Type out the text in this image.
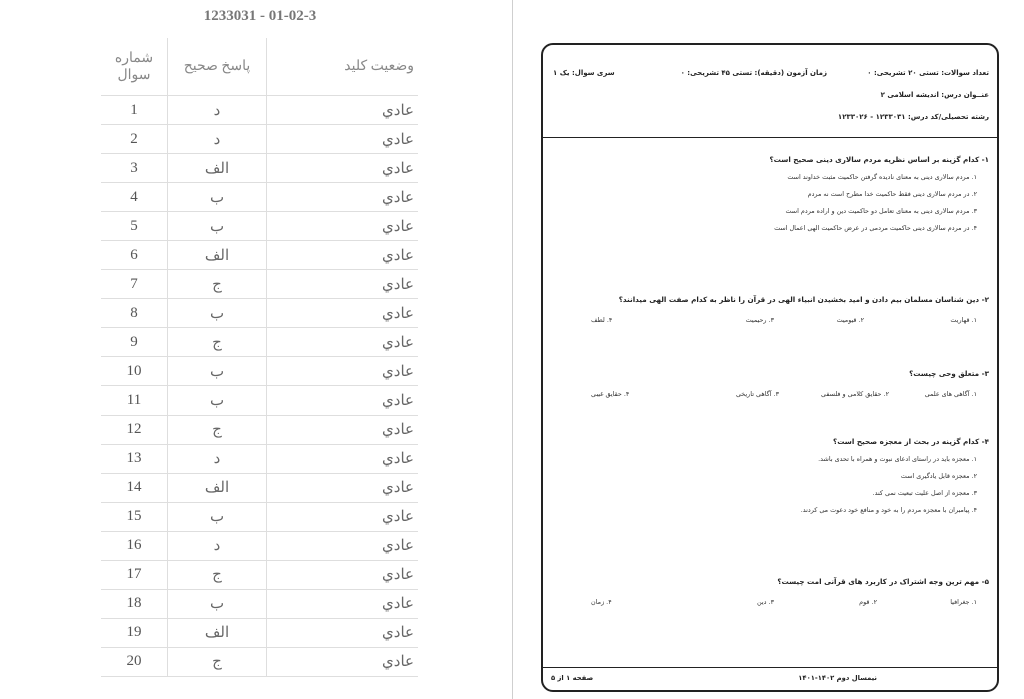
1233031 - 01-02-3
شماره سوال	پاسخ صحیح	وضعیت کلید
1	د	عادي
2	د	عادي
3	الف	عادي
4	ب	عادي
5	ب	عادي
6	الف	عادي
7	ج	عادي
8	ب	عادي
9	ج	عادي
10	ب	عادي
11	ب	عادي
12	ج	عادي
13	د	عادي
14	الف	عادي
15	ب	عادي
16	د	عادي
17	ج	عادي
18	ب	عادي
19	الف	عادي
20	ج	عادي
تعداد سوالات: تستی ۲۰ تشریحی: ۰
زمان آزمون (دقیقه): تستی ۴۵ تشریحی: ۰
سری سوال: یک ۱
عنــوان درس: اندیشه اسلامی ۲
رشته تحصیلی/کد درس: ۱۲۳۳۰۳۱ - ۱۲۳۳۰۲۶
۱- کدام گزینه بر اساس نظریه مردم سالاری دینی صحیح است؟
۱. مردم سالاری دینی به معنای نادیده گرفتن حاکمیت مثبت خداوند است
۲. در مردم سالاری دینی فقط حاکمیت خدا مطرح است نه مردم
۳. مردم سالاری دینی به معنای تعامل دو حاکمیت دین و اراده مردم است
۴. در مردم سالاری دینی حاکمیت مردمی در عرض حاکمیت الهی اعمال است
۲- دین شناسان مسلمان بیم دادن و امید بخشیدن انبیاء الهی در قرآن را ناظر به کدام صفت الهی میدانند؟
۱. قهاریت
۲. قیومیت
۳. رحیمیت
۴. لطف
۳- متعلق وحی چیست؟
۱. آگاهی های علمی
۲. حقایق کلامی و فلسفی
۳. آگاهی تاریخی
۴. حقایق غیبی
۴- کدام گزینه در بحث از معجزه صحیح است؟
۱. معجزه باید در راستای ادعای نبوت و همراه با تحدی باشد.
۲. معجزه قابل یادگیری است
۳. معجزه از اصل علیت تبعیت نمی کند.
۴. پیامبران با معجزه مردم را به خود و منافع خود دعوت می کردند.
۵- مهم ترین وجه اشتراک در کاربرد های قرآنی امت چیست؟
۱. جغرافیا
۲. قوم
۳. دین
۴. زمان
نیمسال دوم ۱۴۰۲-۱۴۰۱
صفحه ۱ از ۵
